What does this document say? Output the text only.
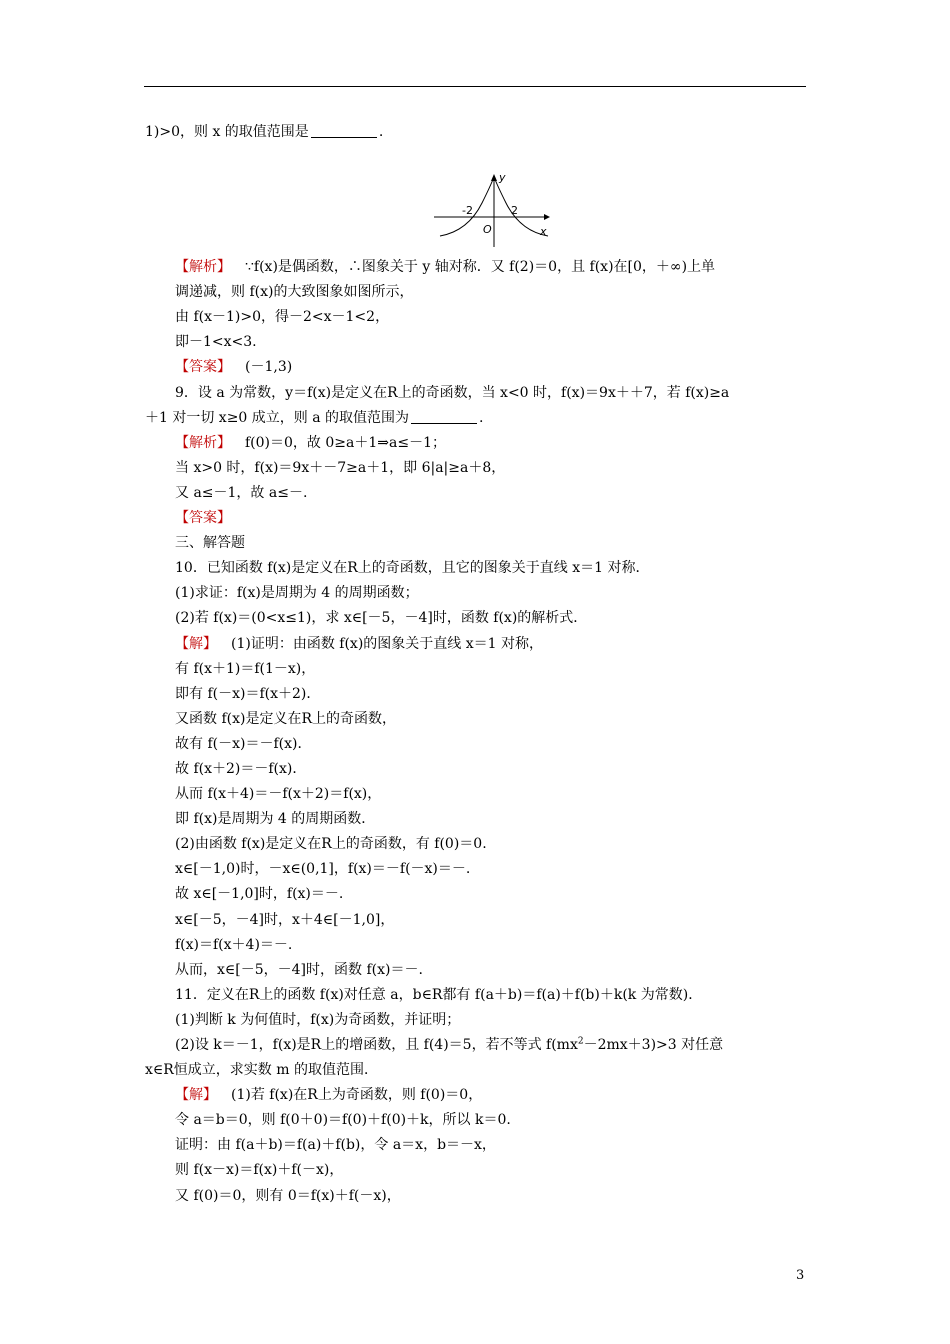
1)>0，则 x 的取值范围是	.
y
x
-2	2
O
【解析】 ∵f(x)是偶函数，∴图象关于 y 轴对称．又 f(2)＝0，且 f(x)在[0，＋∞)上单
调递减，则 f(x)的大致图象如图所示，
由 f(x－1)>0，得－2<x－1<2，
即－1<x<3.
【答案】 (－1,3)
9．设 a 为常数，y＝f(x)是定义在R上的奇函数，当 x<0 时，f(x)＝9x＋＋7，若 f(x)≥a
＋1 对一切 x≥0 成立，则 a 的取值范围为	.
【解析】 f(0)＝0，故 0≥a＋1⇒a≤－1；
当 x>0 时，f(x)＝9x＋－7≥a＋1，即 6|a|≥a＋8，
又 a≤－1，故 a≤－.
【答案】
三、解答题
10．已知函数 f(x)是定义在R上的奇函数，且它的图象关于直线 x＝1 对称．
(1)求证：f(x)是周期为 4 的周期函数；
(2)若 f(x)＝(0<x≤1)，求 x∈[－5，－4]时，函数 f(x)的解析式．
【解】 (1)证明：由函数 f(x)的图象关于直线 x＝1 对称，
有 f(x＋1)＝f(1－x)，
即有 f(－x)＝f(x＋2)．
又函数 f(x)是定义在R上的奇函数，
故有 f(－x)＝－f(x)．
故 f(x＋2)＝－f(x)．
从而 f(x＋4)＝－f(x＋2)＝f(x)，
即 f(x)是周期为 4 的周期函数．
(2)由函数 f(x)是定义在R上的奇函数，有 f(0)＝0.
x∈[－1,0)时，－x∈(0,1]，f(x)＝－f(－x)＝－.
故 x∈[－1,0]时，f(x)＝－.
x∈[－5，－4]时，x＋4∈[－1,0]，
f(x)＝f(x＋4)＝－.
从而，x∈[－5，－4]时，函数 f(x)＝－.
11．定义在R上的函数 f(x)对任意 a，b∈R都有 f(a＋b)＝f(a)＋f(b)＋k(k 为常数)．
(1)判断 k 为何值时，f(x)为奇函数，并证明；
(2)设 k＝－1，f(x)是R上的增函数，且 f(4)＝5，若不等式 $f(mx^2-2mx+3)>3$ 对任意
x∈R恒成立，求实数 m 的取值范围．
【解】 (1)若 f(x)在R上为奇函数，则 f(0)＝0，
令 a＝b＝0，则 f(0＋0)＝f(0)＋f(0)＋k，所以 k＝0.
证明：由 f(a＋b)＝f(a)＋f(b)，令 a＝x，b＝－x，
则 f(x－x)＝f(x)＋f(－x)，
又 f(0)＝0，则有 0＝f(x)＋f(－x)，
3
